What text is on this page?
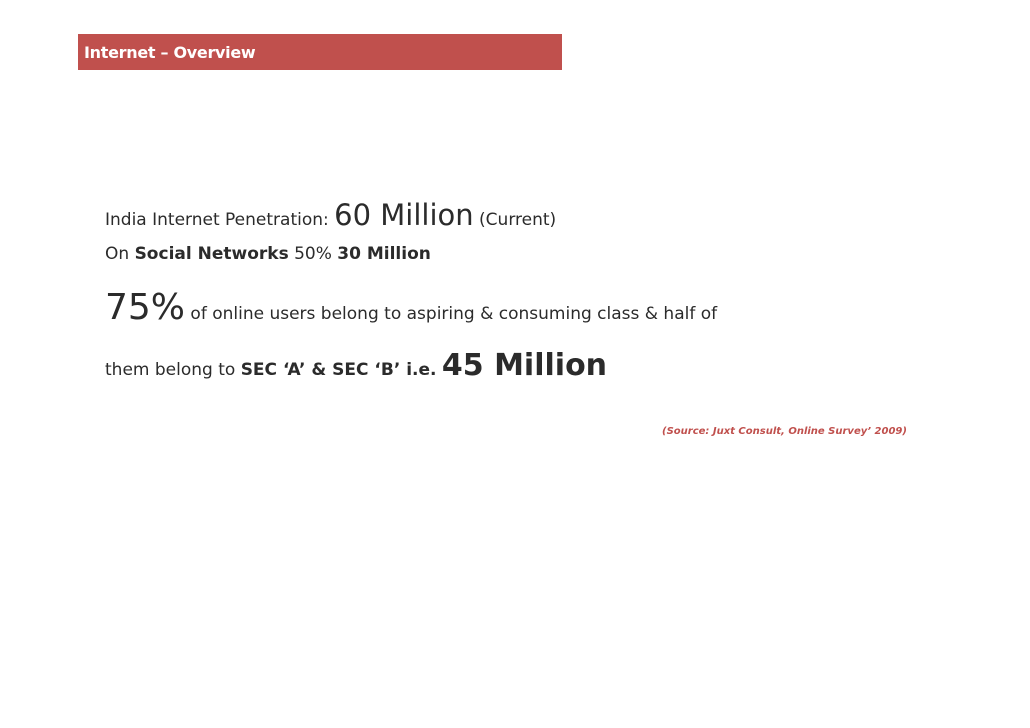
Internet – Overview
India Internet Penetration: 60 Million (Current)
On Social Networks 50% 30 Million
75% of online users belong to aspiring & consuming class & half of
them belong to SEC ‘A’ & SEC ‘B’ i.e. 45 Million
(Source: Juxt Consult, Online Survey’ 2009)
